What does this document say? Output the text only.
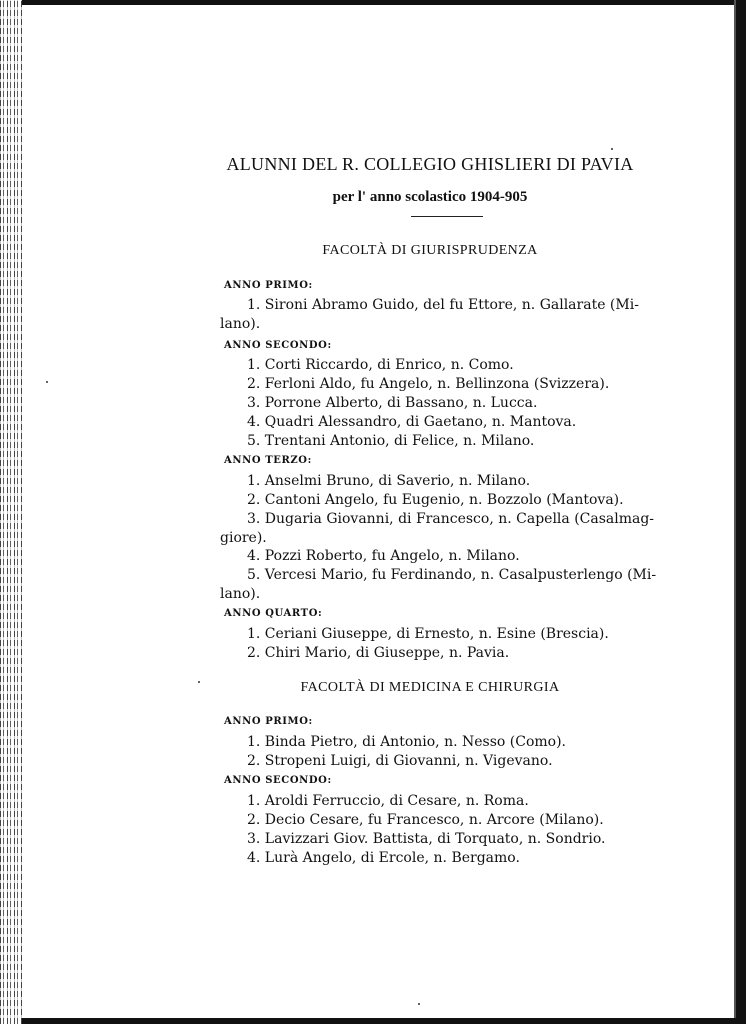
ALUNNI DEL R. COLLEGIO GHISLIERI DI PAVIA
per l' anno scolastico 1904-905
FACOLTÀ DI GIURISPRUDENZA
ANNO PRIMO:
1. Sironi Abramo Guido, del fu Ettore, n. Gallarate (Mi-
lano).
ANNO SECONDO:
1. Corti Riccardo, di Enrico, n. Como.
2. Ferloni Aldo, fu Angelo, n. Bellinzona (Svizzera).
3. Porrone Alberto, di Bassano, n. Lucca.
4. Quadri Alessandro, di Gaetano, n. Mantova.
5. Trentani Antonio, di Felice, n. Milano.
ANNO TERZO:
1. Anselmi Bruno, di Saverio, n. Milano.
2. Cantoni Angelo, fu Eugenio, n. Bozzolo (Mantova).
3. Dugaria Giovanni, di Francesco, n. Capella (Casalmag-
giore).
4. Pozzi Roberto, fu Angelo, n. Milano.
5. Vercesi Mario, fu Ferdinando, n. Casalpusterlengo (Mi-
lano).
ANNO QUARTO:
1. Ceriani Giuseppe, di Ernesto, n. Esine (Brescia).
2. Chiri Mario, di Giuseppe, n. Pavia.
FACOLTÀ DI MEDICINA E CHIRURGIA
ANNO PRIMO:
1. Binda Pietro, di Antonio, n. Nesso (Como).
2. Stropeni Luigi, di Giovanni, n. Vigevano.
ANNO SECONDO:
1. Aroldi Ferruccio, di Cesare, n. Roma.
2. Decio Cesare, fu Francesco, n. Arcore (Milano).
3. Lavizzari Giov. Battista, di Torquato, n. Sondrio.
4. Lurà Angelo, di Ercole, n. Bergamo.
